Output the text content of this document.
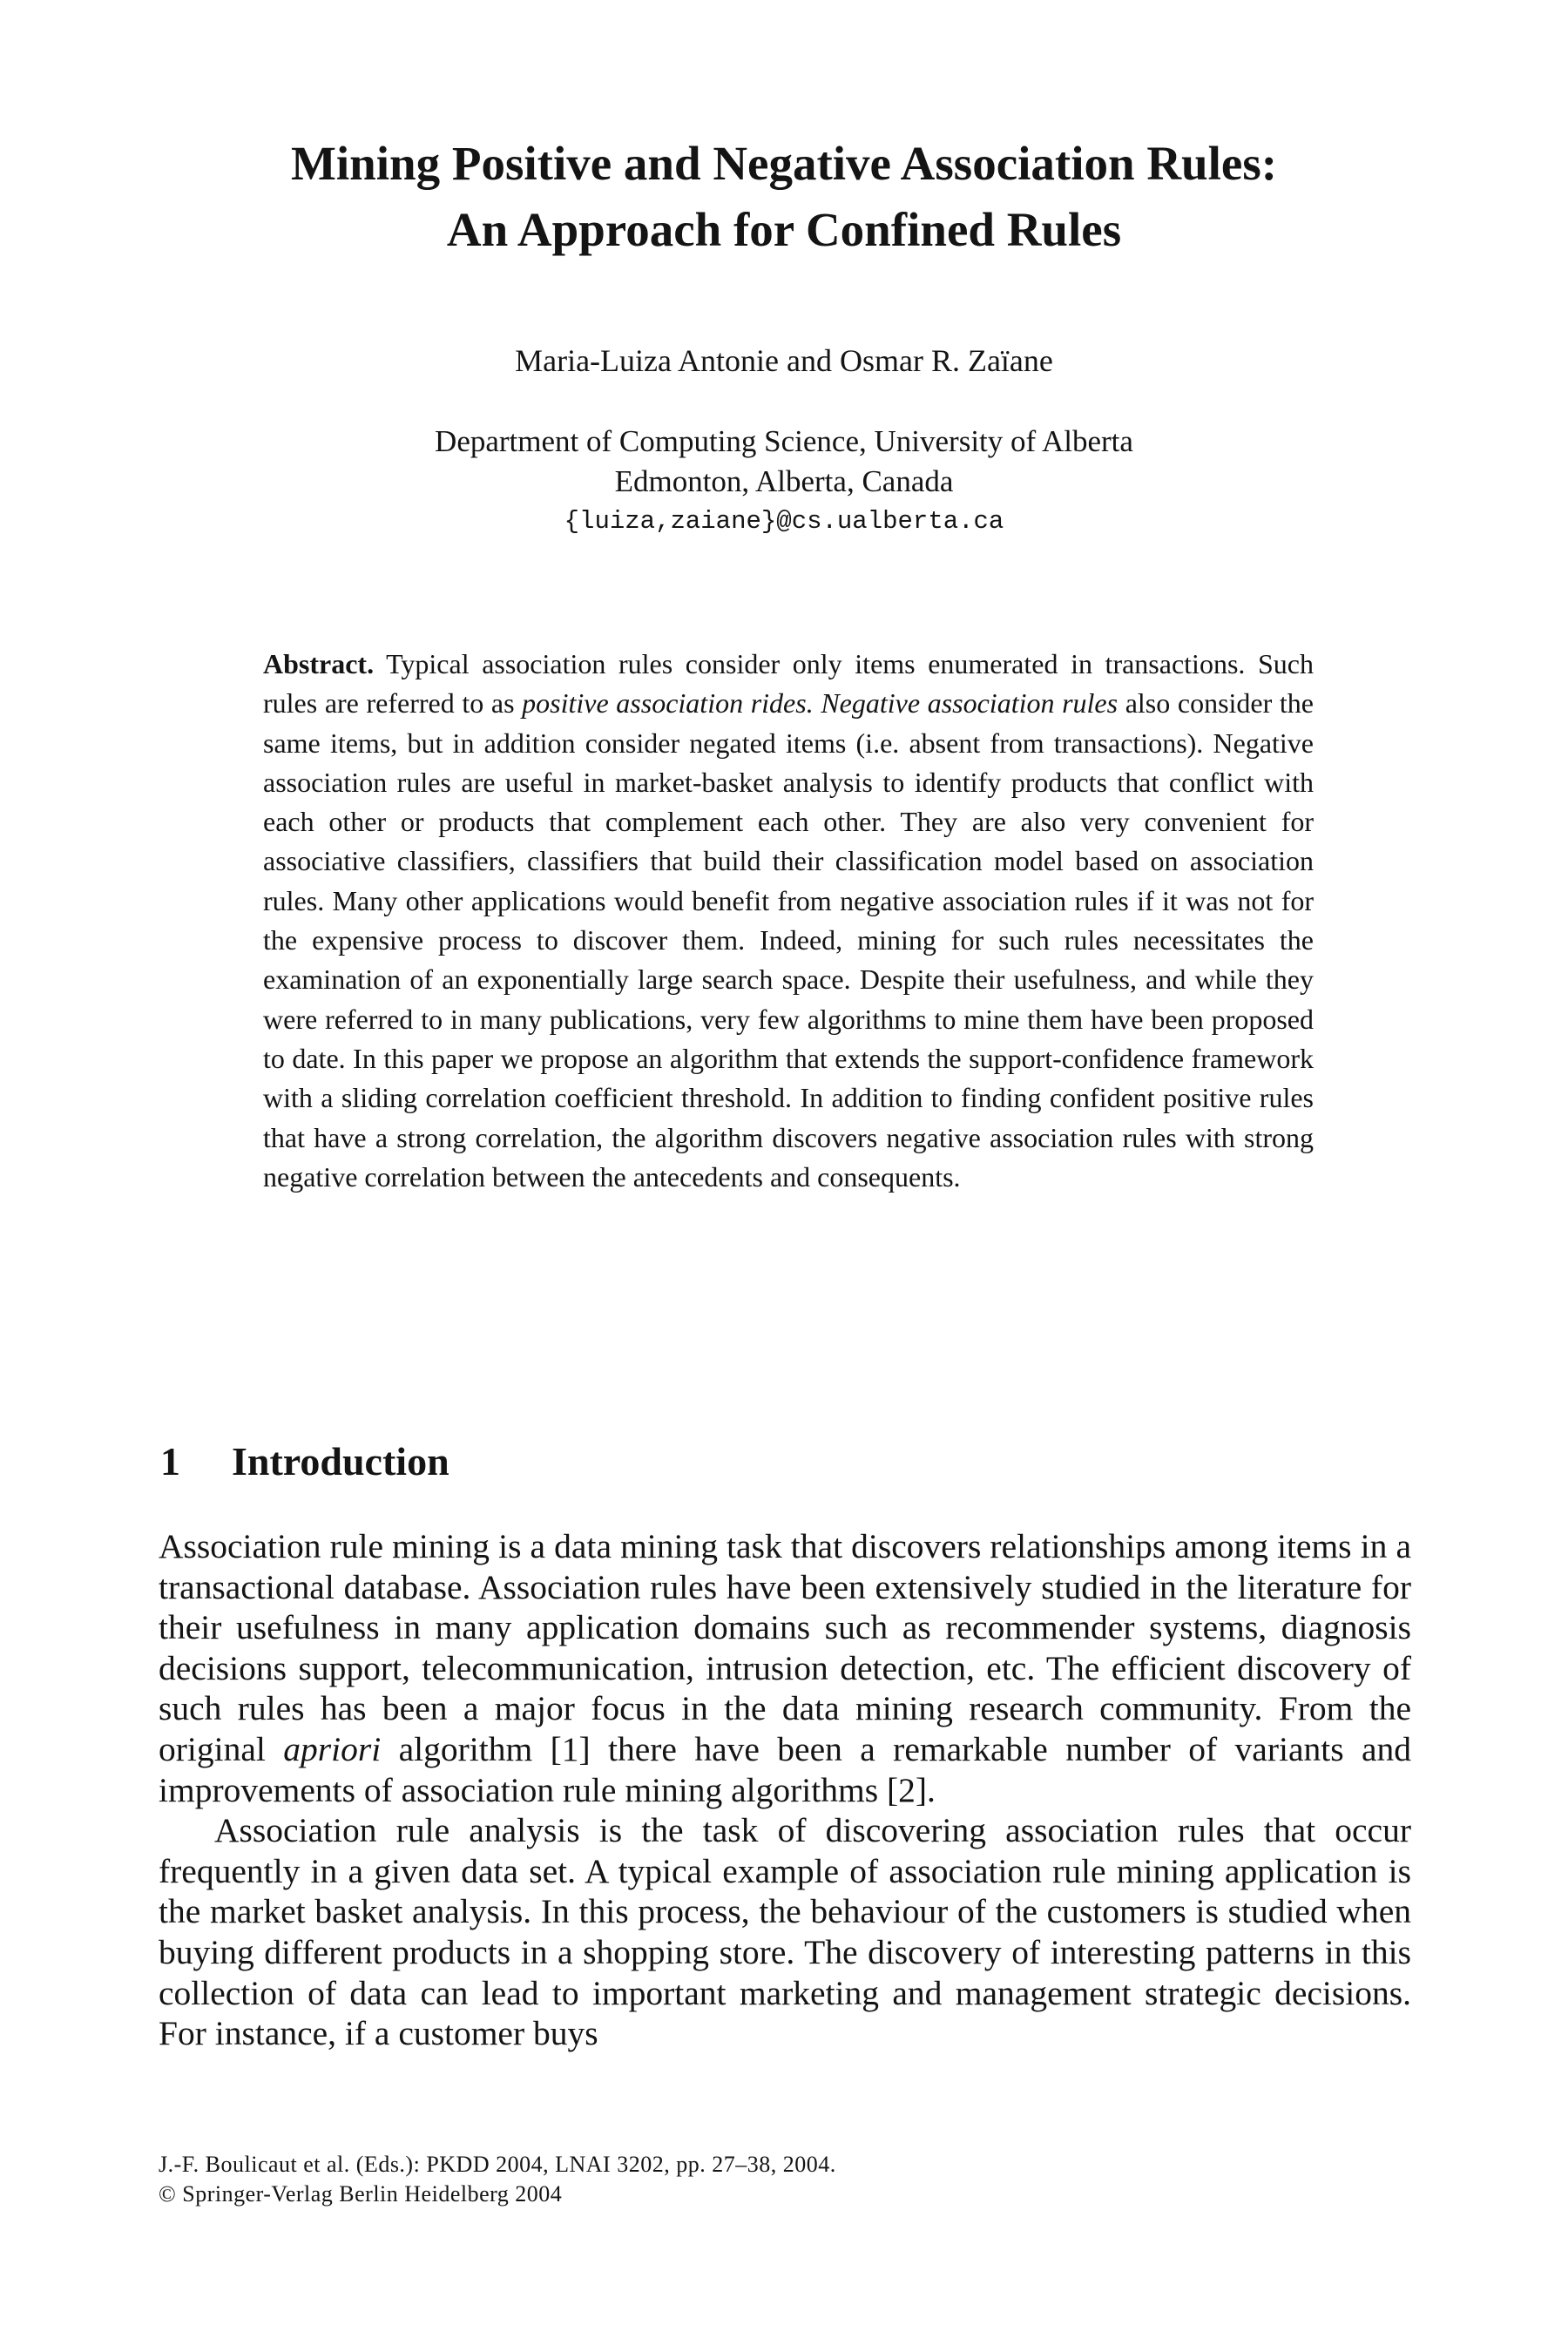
Mining Positive and Negative Association Rules:
An Approach for Confined Rules
Maria-Luiza Antonie and Osmar R. Zaïane
Department of Computing Science, University of Alberta
Edmonton, Alberta, Canada
{luiza,zaiane}@cs.ualberta.ca

Abstract. Typical association rules consider only items enumerated in transactions. Such rules are referred to as positive association rides. Negative association rules also consider the same items, but in addition consider negated items (i.e. absent from transactions). Negative association rules are useful in market-basket analysis to identify products that conflict with each other or products that complement each other. They are also very convenient for associative classifiers, classifiers that build their classification model based on association rules. Many other applications would benefit from negative association rules if it was not for the expensive process to discover them. Indeed, mining for such rules necessitates the examination of an exponentially large search space. Despite their usefulness, and while they were referred to in many publications, very few algorithms to mine them have been proposed to date. In this paper we propose an algorithm that extends the support-confidence framework with a sliding correlation coefficient threshold. In addition to finding confident positive rules that have a strong correlation, the algorithm discovers negative association rules with strong negative correlation between the antecedents and consequents.

1 Introduction

Association rule mining is a data mining task that discovers relationships among items in a transactional database. Association rules have been extensively studied in the literature for their usefulness in many application domains such as recommender systems, diagnosis decisions support, telecommunication, intrusion detection, etc. The efficient discovery of such rules has been a major focus in the data mining research community. From the original apriori algorithm [1] there have been a remarkable number of variants and improvements of association rule mining algorithms [2].

Association rule analysis is the task of discovering association rules that occur frequently in a given data set. A typical example of association rule mining application is the market basket analysis. In this process, the behaviour of the customers is studied when buying different products in a shopping store. The discovery of interesting patterns in this collection of data can lead to important marketing and management strategic decisions. For instance, if a customer buys

J.-F. Boulicaut et al. (Eds.): PKDD 2004, LNAI 3202, pp. 27–38, 2004.
© Springer-Verlag Berlin Heidelberg 2004
